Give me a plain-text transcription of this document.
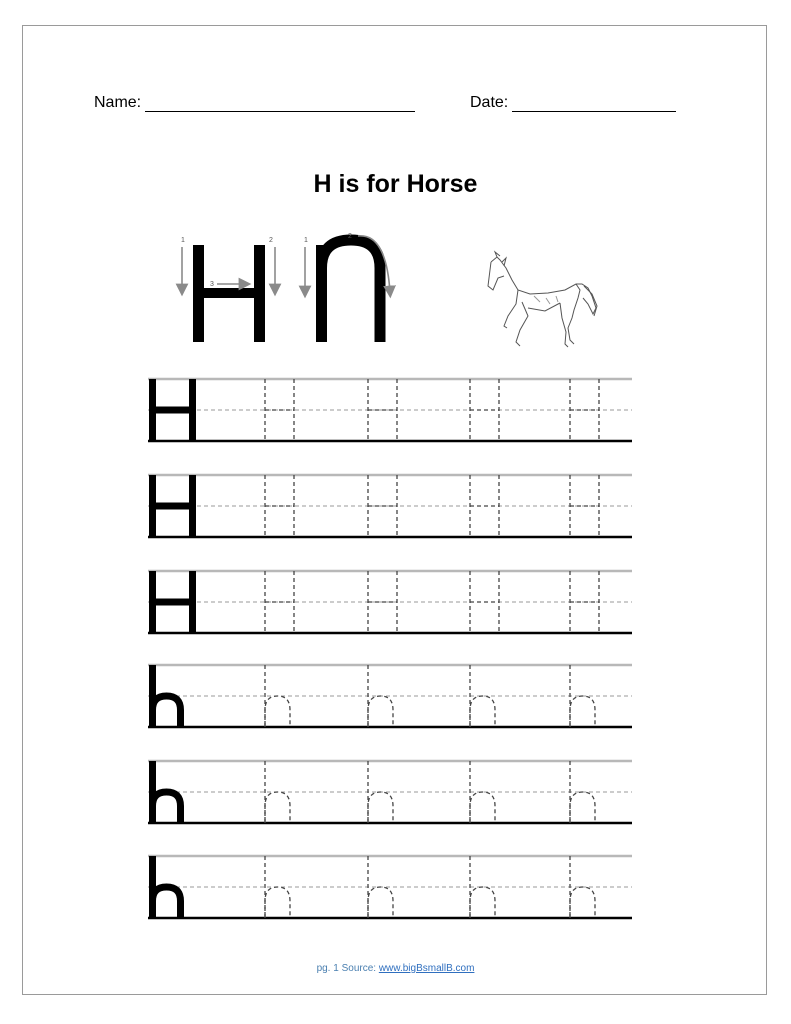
Name:	Date:
H is for Horse
1	2
3
1
2
pg. 1 Source: www.bigBsmallB.com
